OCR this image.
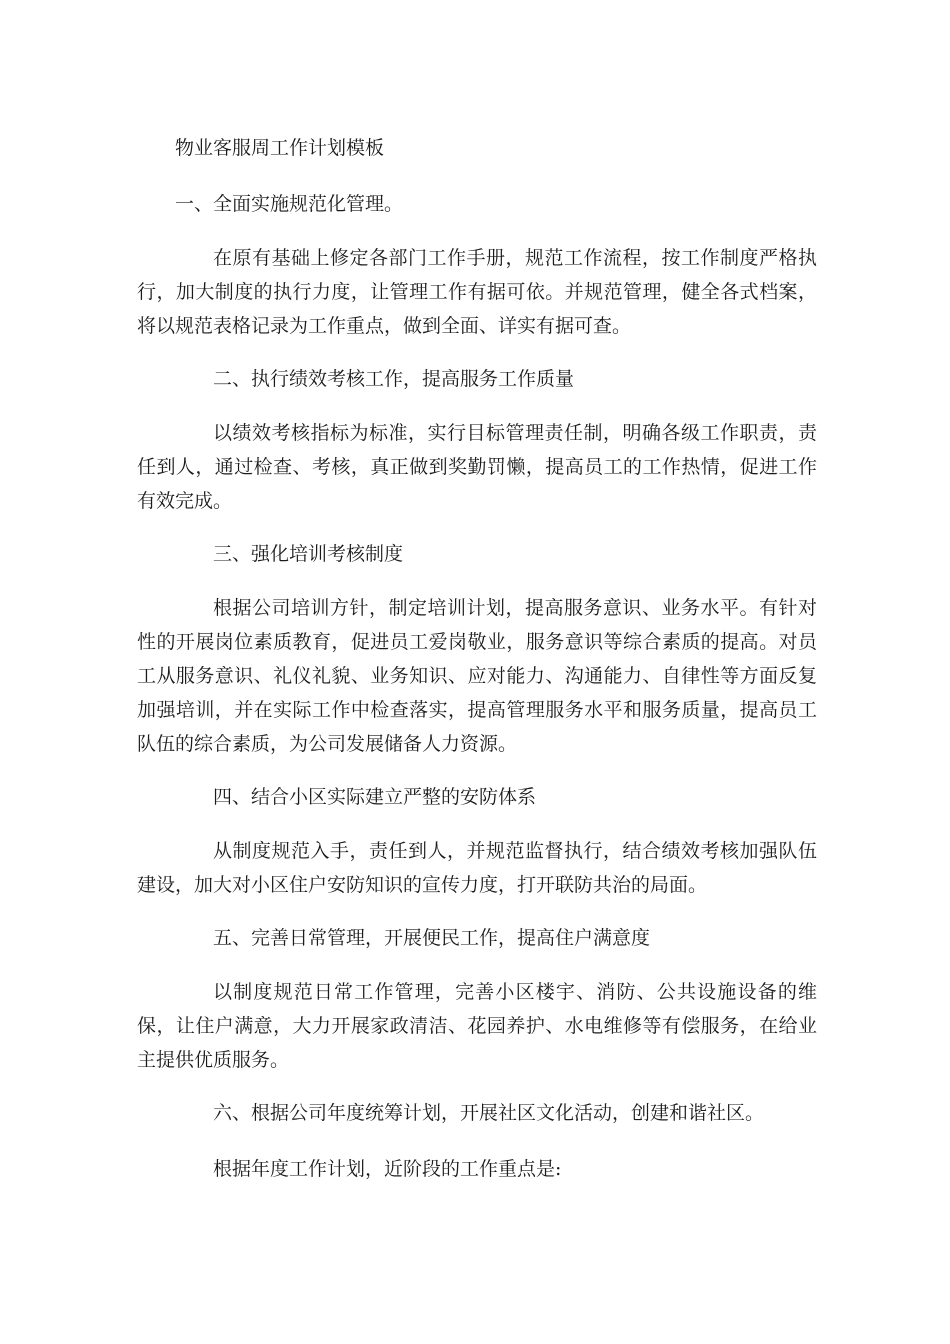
物业客服周工作计划模板
一、全面实施规范化管理。

在原有基础上修定各部门工作手册，规范工作流程，按工作制度严格执行，加大制度的执行力度，让管理工作有据可依。并规范管理，健全各式档案，将以规范表格记录为工作重点，做到全面、详实有据可查。

二、执行绩效考核工作，提高服务工作质量

以绩效考核指标为标准，实行目标管理责任制，明确各级工作职责，责任到人，通过检查、考核，真正做到奖勤罚懒，提高员工的工作热情，促进工作有效完成。

三、强化培训考核制度

根据公司培训方针，制定培训计划，提高服务意识、业务水平。有针对性的开展岗位素质教育，促进员工爱岗敬业，服务意识等综合素质的提高。对员工从服务意识、礼仪礼貌、业务知识、应对能力、沟通能力、自律性等方面反复加强培训，并在实际工作中检查落实，提高管理服务水平和服务质量，提高员工队伍的综合素质，为公司发展储备人力资源。

四、结合小区实际建立严整的安防体系

从制度规范入手，责任到人，并规范监督执行，结合绩效考核加强队伍建设，加大对小区住户安防知识的宣传力度，打开联防共治的局面。

五、完善日常管理，开展便民工作，提高住户满意度

以制度规范日常工作管理，完善小区楼宇、消防、公共设施设备的维保，让住户满意，大力开展家政清洁、花园养护、水电维修等有偿服务，在给业主提供优质服务。

六、根据公司年度统筹计划，开展社区文化活动，创建和谐社区。
根据年度工作计划，近阶段的工作重点是:
